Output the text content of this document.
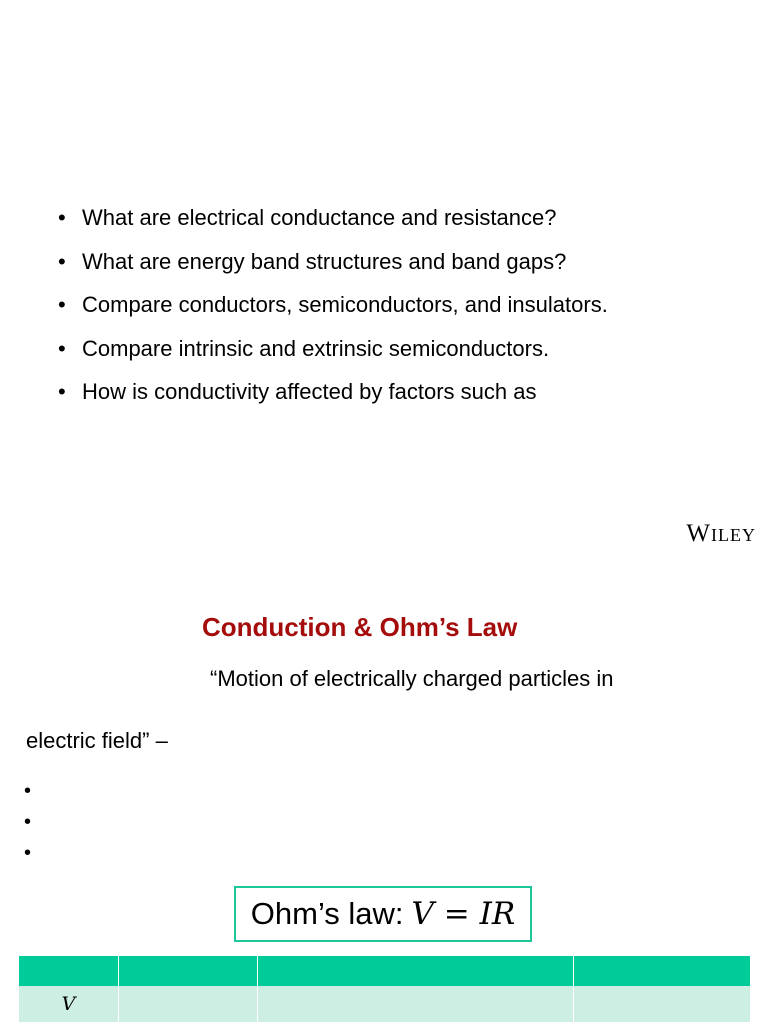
• What are electrical conductance and resistance?
• What are energy band structures and band gaps?
• Compare conductors, semiconductors, and insulators.
• Compare intrinsic and extrinsic semiconductors.
• How is conductivity affected by factors such as
Wiley
Conduction & Ohm’s Law
“Motion of electrically charged particles in
electric field” –
•
•
•
Ohm’s law: V = IR

V			
